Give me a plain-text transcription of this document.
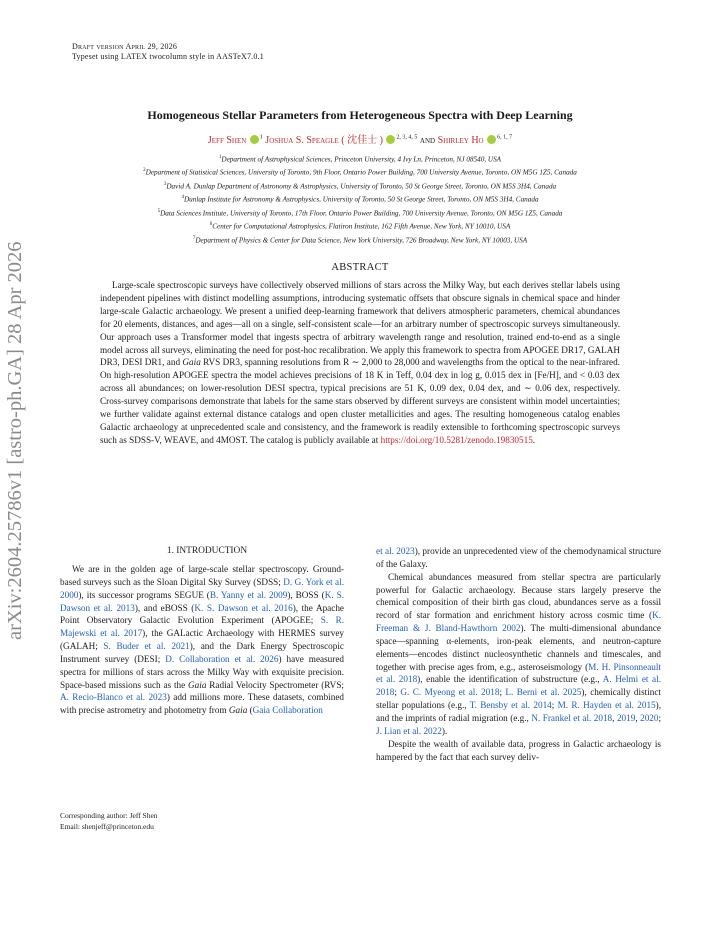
arXiv:2604.25786v1 [astro-ph.GA] 28 Apr 2026
Draft version April 29, 2026
Typeset using LATEX twocolumn style in AASTeX7.0.1
Homogeneous Stellar Parameters from Heterogeneous Spectra with Deep Learning
Jeff Shen $^1$ Joshua S. Speagle ( 沈佳士 ) $^{2, 3, 4, 5}$ and Shirley Ho $^{6, 1, 7}$
$^1$Department of Astrophysical Sciences, Princeton University, 4 Ivy Ln, Princeton, NJ 08540, USA
$^2$Department of Statistical Sciences, University of Toronto, 9th Floor, Ontario Power Building, 700 University Avenue, Toronto, ON M5G 1Z5, Canada
$^3$David A. Dunlap Department of Astronomy & Astrophysics, University of Toronto, 50 St George Street, Toronto, ON M5S 3H4, Canada
$^4$Dunlap Institute for Astronomy & Astrophysics, University of Toronto, 50 St George Street, Toronto, ON M5S 3H4, Canada
$^5$Data Sciences Institute, University of Toronto, 17th Floor, Ontario Power Building, 700 University Avenue, Toronto, ON M5G 1Z5, Canada
$^6$Center for Computational Astrophysics, Flatiron Institute, 162 Fifth Avenue, New York, NY 10010, USA
$^7$Department of Physics & Center for Data Science, New York University, 726 Broadway, New York, NY 10003, USA
ABSTRACT
Large-scale spectroscopic surveys have collectively observed millions of stars across the Milky Way, but each derives stellar labels using independent pipelines with distinct modelling assumptions, introducing systematic offsets that obscure signals in chemical space and hinder large-scale Galactic archaeology. We present a unified deep-learning framework that delivers atmospheric parameters, chemical abundances for 20 elements, distances, and ages—all on a single, self-consistent scale—for an arbitrary number of spectroscopic surveys simultaneously. Our approach uses a Transformer model that ingests spectra of arbitrary wavelength range and resolution, trained end-to-end as a single model across all surveys, eliminating the need for post-hoc recalibration. We apply this framework to spectra from APOGEE DR17, GALAH DR3, DESI DR1, and Gaia RVS DR3, spanning resolutions from R ∼ 2,000 to 28,000 and wavelengths from the optical to the near-infrared. On high-resolution APOGEE spectra the model achieves precisions of 18 K in Teff, 0.04 dex in log g, 0.015 dex in [Fe/H], and < 0.03 dex across all abundances; on lower-resolution DESI spectra, typical precisions are 51 K, 0.09 dex, 0.04 dex, and ∼ 0.06 dex, respectively. Cross-survey comparisons demonstrate that labels for the same stars observed by different surveys are consistent within model uncertainties; we further validate against external distance catalogs and open cluster metallicities and ages. The resulting homogeneous catalog enables Galactic archaeology at unprecedented scale and consistency, and the framework is readily extensible to forthcoming spectroscopic surveys such as SDSS-V, WEAVE, and 4MOST. The catalog is publicly available at https://doi.org/10.5281/zenodo.19830515.
1. INTRODUCTION
We are in the golden age of large-scale stellar spectroscopy. Ground-based surveys such as the Sloan Digital Sky Survey (SDSS; D. G. York et al. 2000), its successor programs SEGUE (B. Yanny et al. 2009), BOSS (K. S. Dawson et al. 2013), and eBOSS (K. S. Dawson et al. 2016), the Apache Point Observatory Galactic Evolution Experiment (APOGEE; S. R. Majewski et al. 2017), the GALactic Archaeology with HERMES survey (GALAH; S. Buder et al. 2021), and the Dark Energy Spectroscopic Instrument survey (DESI; D. Collaboration et al. 2026) have measured spectra for millions of stars across the Milky Way with exquisite precision. Space-based missions such as the Gaia Radial Velocity Spectrometer (RVS; A. Recio-Blanco et al. 2023) add millions more. These datasets, combined with precise astrometry and photometry from Gaia (Gaia Collaboration
et al. 2023), provide an unprecedented view of the chemodynamical structure of the Galaxy.
Chemical abundances measured from stellar spectra are particularly powerful for Galactic archaeology. Because stars largely preserve the chemical composition of their birth gas cloud, abundances serve as a fossil record of star formation and enrichment history across cosmic time (K. Freeman & J. Bland-Hawthorn 2002). The multi-dimensional abundance space—spanning α-elements, iron-peak elements, and neutron-capture elements—encodes distinct nucleosynthetic channels and timescales, and together with precise ages from, e.g., asteroseismology (M. H. Pinsonneault et al. 2018), enable the identification of substructure (e.g., A. Helmi et al. 2018; G. C. Myeong et al. 2018; L. Berni et al. 2025), chemically distinct stellar populations (e.g., T. Bensby et al. 2014; M. R. Hayden et al. 2015), and the imprints of radial migration (e.g., N. Frankel et al. 2018, 2019, 2020; J. Lian et al. 2022).
Despite the wealth of available data, progress in Galactic archaeology is hampered by the fact that each survey deliv-
Corresponding author: Jeff Shen
Email: shenjeff@princeton.edu
